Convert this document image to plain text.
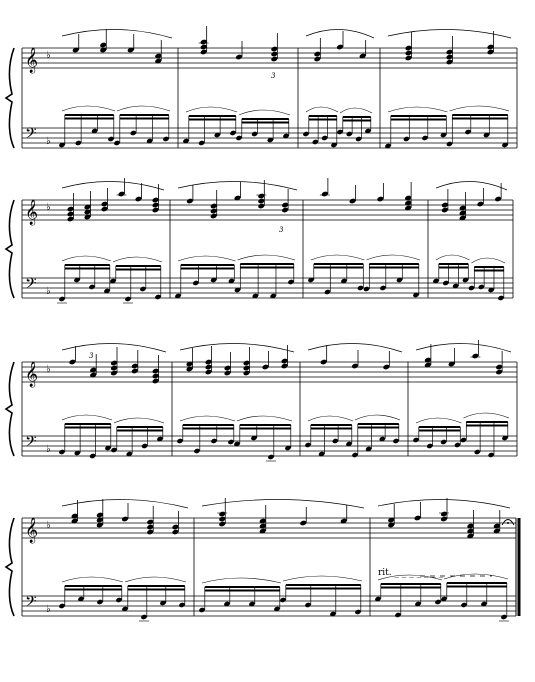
𝄞 ♭
𝄢 ♭
𝄞 ♭
𝄢 ♭
𝄞 ♭
𝄢 ♭
𝄞 ♭
𝄢 ♭
rit. _ _ _ _ _ _ _
3
3
3
